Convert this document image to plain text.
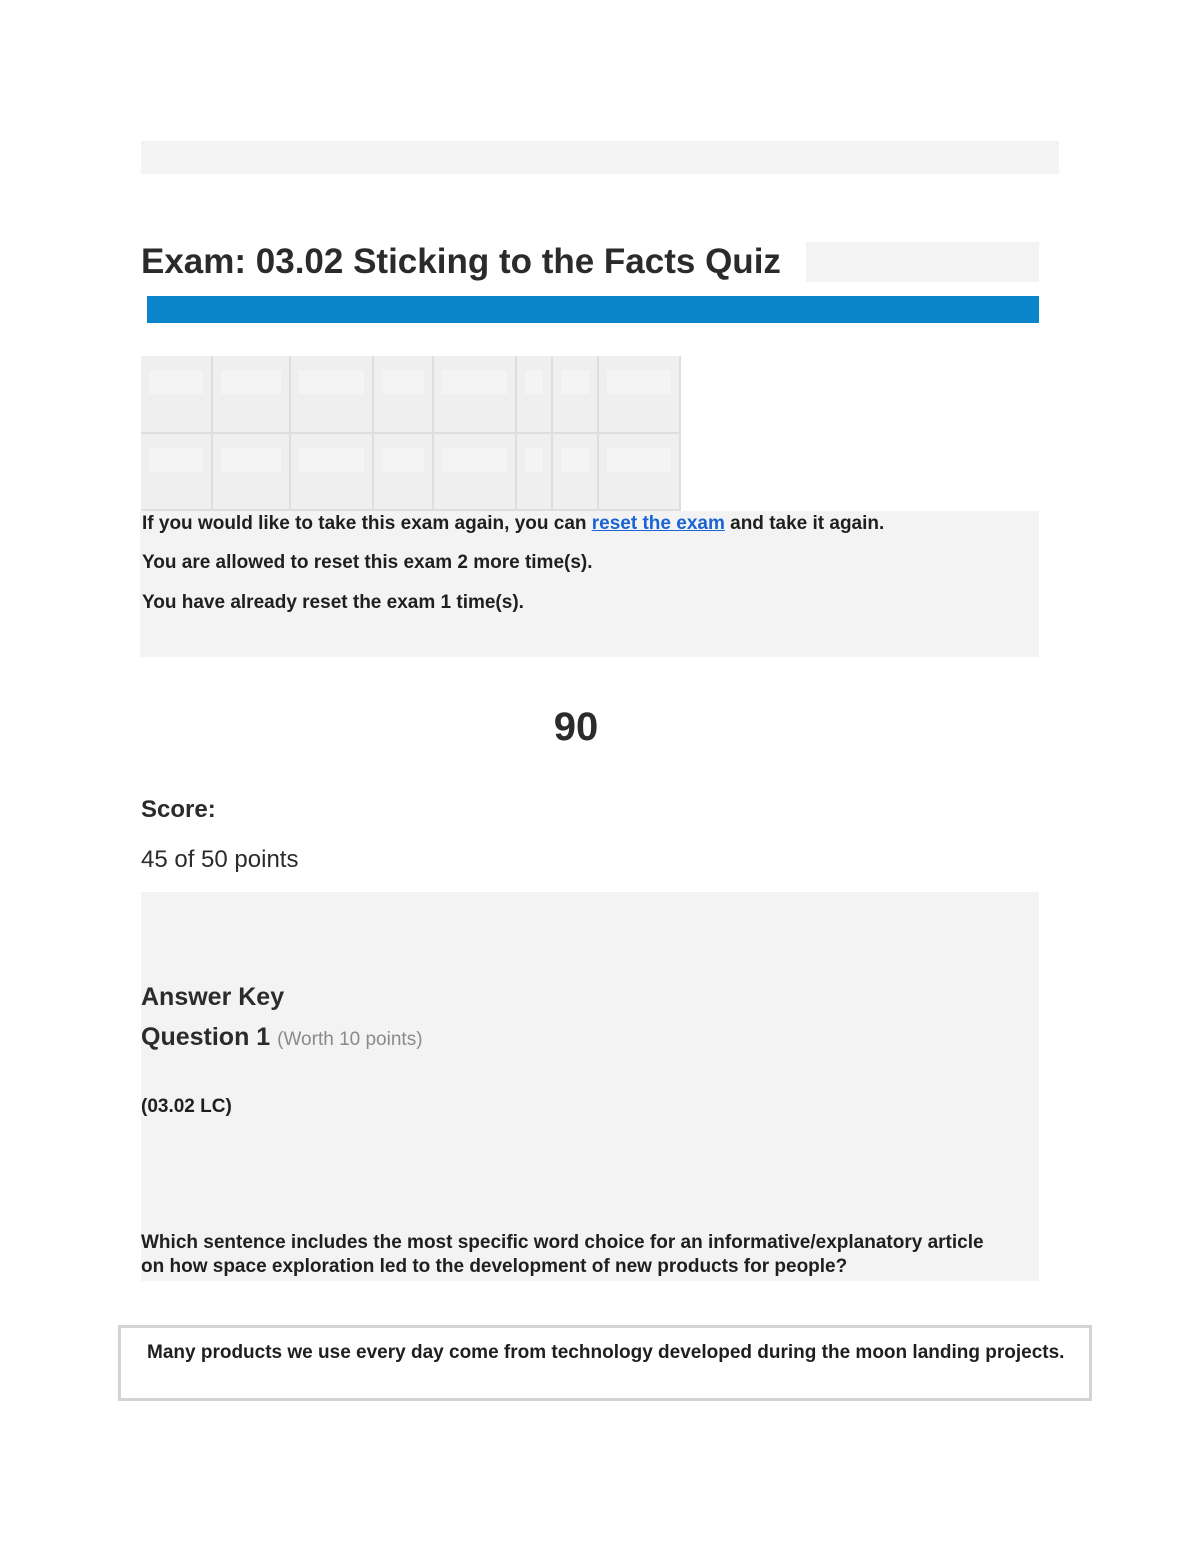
Exam: 03.02 Sticking to the Facts Quiz

If you would like to take this exam again, you can reset the exam and take it again.

You are allowed to reset this exam 2 more time(s).

You have already reset the exam 1 time(s).

90

Score:

45 of 50 points

Answer Key

Question 1 (Worth 10 points)

(03.02 LC)

Which sentence includes the most specific word choice for an informative/explanatory article on how space exploration led to the development of new products for people?

Many products we use every day come from technology developed during the moon landing projects.
